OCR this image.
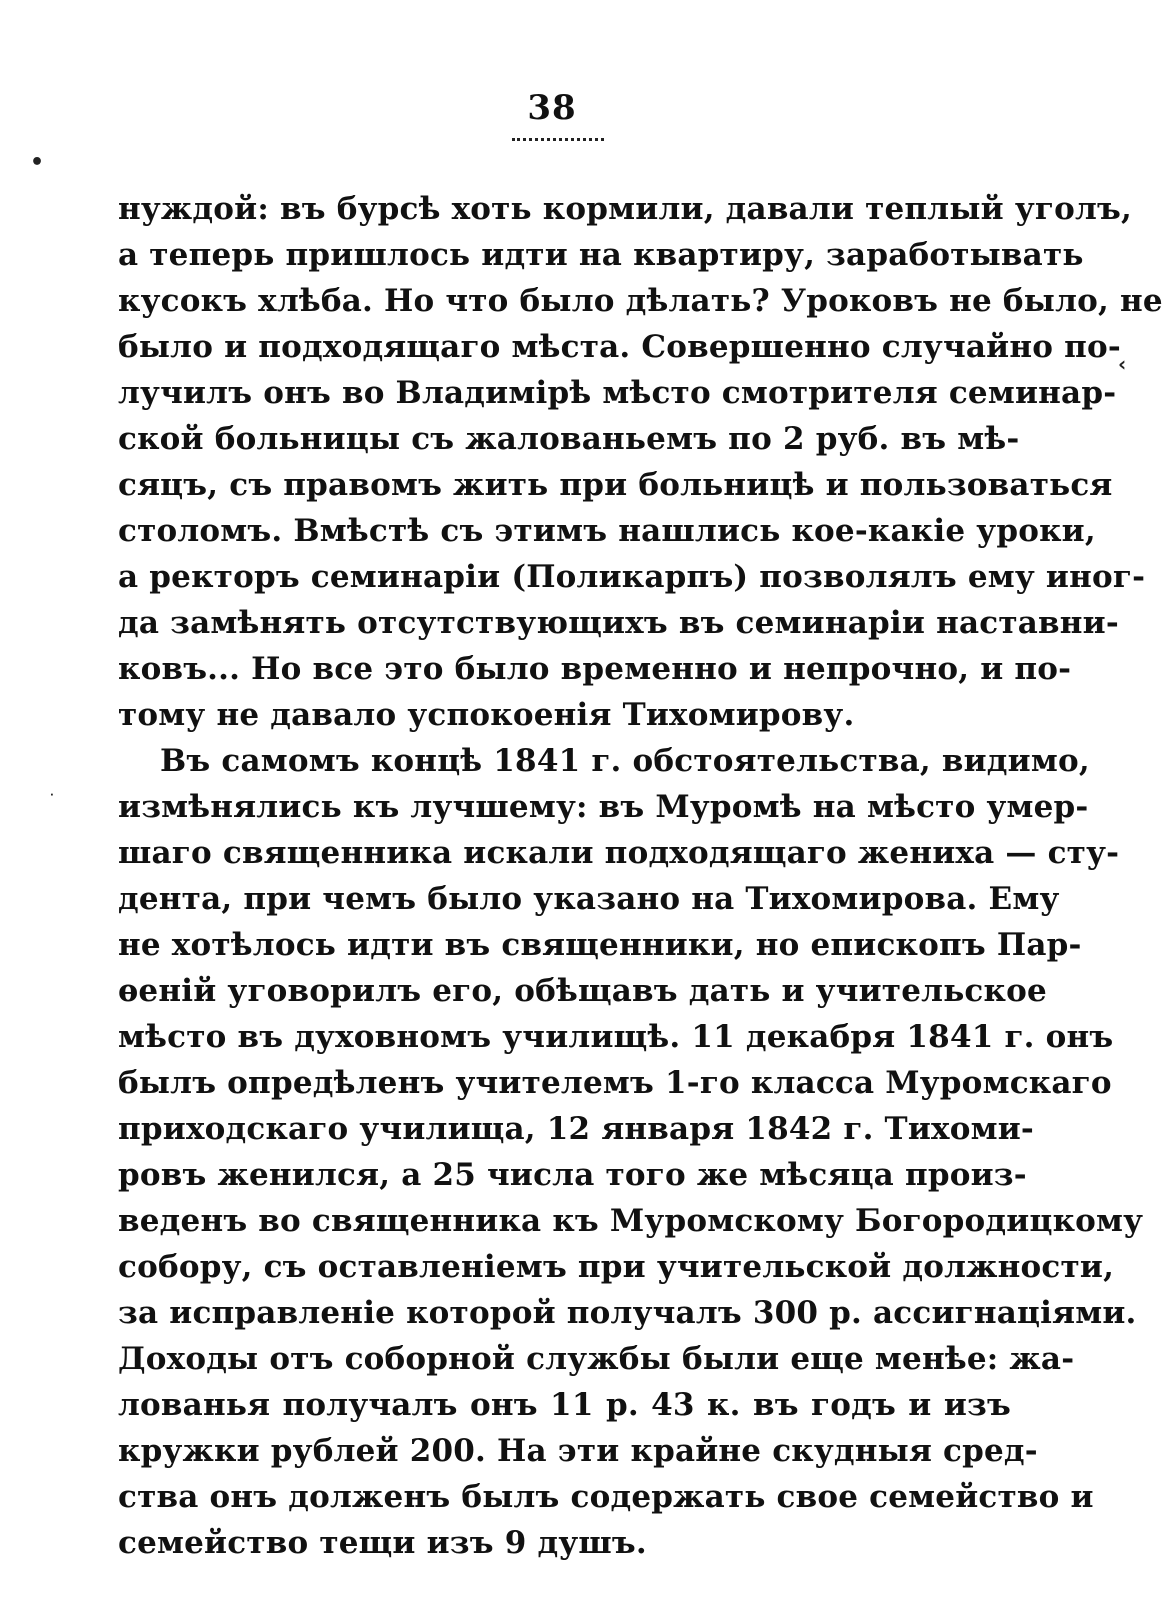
38
•
‹
·
нуждой: въ бурсѣ хоть кормили, давали теплый уголъ,
а теперь пришлось идти на квартиру, заработывать
кусокъ хлѣба. Но что было дѣлать? Уроковъ не было, не
было и подходящаго мѣста. Совершенно случайно по-
лучилъ онъ во Владимірѣ мѣсто смотрителя семинар-
ской больницы съ жалованьемъ по 2 руб. въ мѣ-
сяцъ, съ правомъ жить при больницѣ и пользоваться
столомъ. Вмѣстѣ съ этимъ нашлись кое-какіе уроки,
а ректоръ семинаріи (Поликарпъ) позволялъ ему иног-
да замѣнять отсутствующихъ въ семинаріи наставни-
ковъ... Но все это было временно и непрочно, и по-
тому не давало успокоенія Тихомирову.
Въ самомъ концѣ 1841 г. обстоятельства, видимо,
измѣнялись къ лучшему: въ Муромѣ на мѣсто умер-
шаго священника искали подходящаго жениха — сту-
дента, при чемъ было указано на Тихомирова. Ему
не хотѣлось идти въ священники, но епископъ Пар-
ѳеній уговорилъ его, обѣщавъ дать и учительское
мѣсто въ духовномъ училищѣ. 11 декабря 1841 г. онъ
былъ опредѣленъ учителемъ 1-го класса Муромскаго
приходскаго училища, 12 января 1842 г. Тихоми-
ровъ женился, а 25 числа того же мѣсяца произ-
веденъ во священника къ Муромскому Богородицкому
собору, съ оставленіемъ при учительской должности,
за исправленіе которой получалъ 300 р. ассигнаціями.
Доходы отъ соборной службы были еще менѣе: жа-
лованья получалъ онъ 11 р. 43 к. въ годъ и изъ
кружки рублей 200. На эти крайне скудныя сред-
ства онъ долженъ былъ содержать свое семейство и
семейство тещи изъ 9 душъ.
